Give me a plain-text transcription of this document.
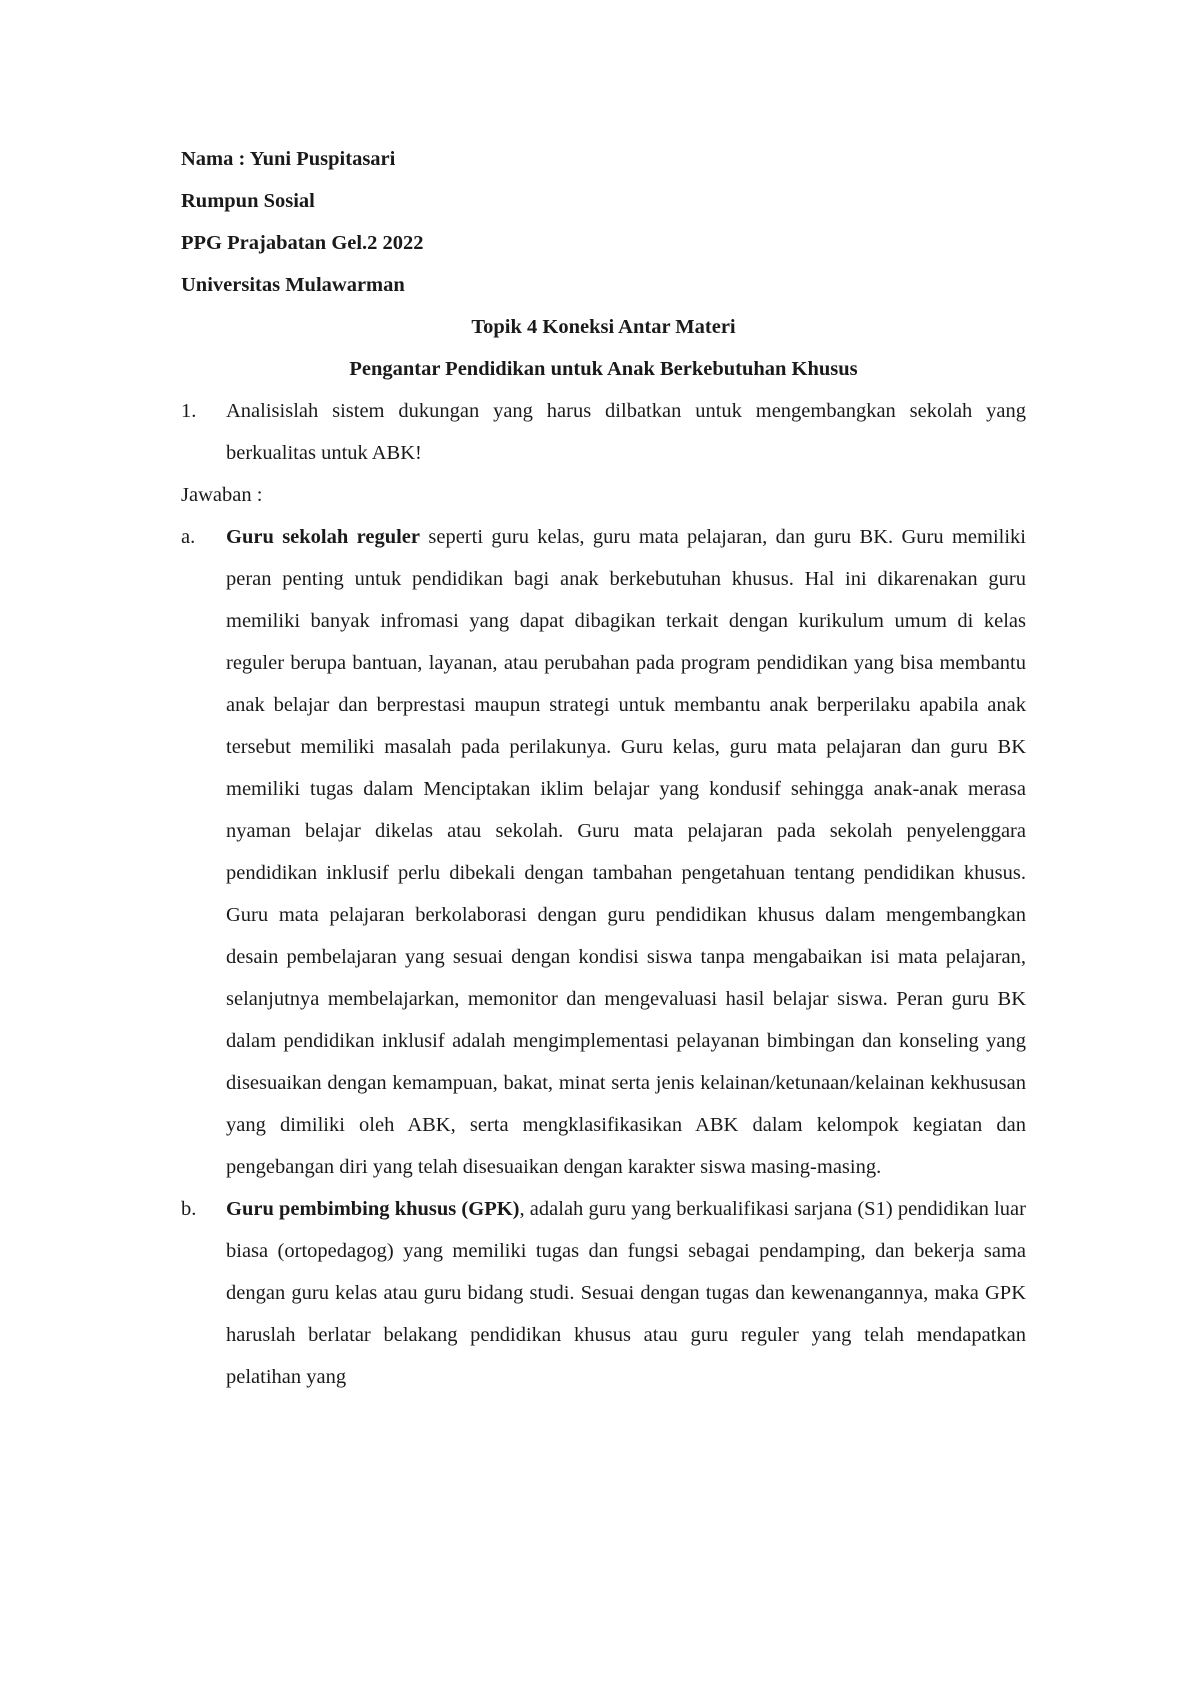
Nama : Yuni Puspitasari

Rumpun Sosial

PPG Prajabatan Gel.2 2022

Universitas Mulawarman

Topik 4 Koneksi Antar Materi

Pengantar Pendidikan untuk Anak Berkebutuhan Khusus

1. Analisislah sistem dukungan yang harus dilbatkan untuk mengembangkan sekolah yang berkualitas untuk ABK!

Jawaban :

a. Guru sekolah reguler seperti guru kelas, guru mata pelajaran, dan guru BK. Guru memiliki peran penting untuk pendidikan bagi anak berkebutuhan khusus. Hal ini dikarenakan guru memiliki banyak infromasi yang dapat dibagikan terkait dengan kurikulum umum di kelas reguler berupa bantuan, layanan, atau perubahan pada program pendidikan yang bisa membantu anak belajar dan berprestasi maupun strategi untuk membantu anak berperilaku apabila anak tersebut memiliki masalah pada perilakunya. Guru kelas, guru mata pelajaran dan guru BK memiliki tugas dalam Menciptakan iklim belajar yang kondusif sehingga anak-anak merasa nyaman belajar dikelas atau sekolah. Guru mata pelajaran pada sekolah penyelenggara pendidikan inklusif perlu dibekali dengan tambahan pengetahuan tentang pendidikan khusus. Guru mata pelajaran berkolaborasi dengan guru pendidikan khusus dalam mengembangkan desain pembelajaran yang sesuai dengan kondisi siswa tanpa mengabaikan isi mata pelajaran, selanjutnya membelajarkan, memonitor dan mengevaluasi hasil belajar siswa. Peran guru BK dalam pendidikan inklusif adalah mengimplementasi pelayanan bimbingan dan konseling yang disesuaikan dengan kemampuan, bakat, minat serta jenis kelainan/ketunaan/kelainan kekhususan yang dimiliki oleh ABK, serta mengklasifikasikan ABK dalam kelompok kegiatan dan pengebangan diri yang telah disesuaikan dengan karakter siswa masing-masing.
b. Guru pembimbing khusus (GPK), adalah guru yang berkualifikasi sarjana (S1) pendidikan luar biasa (ortopedagog) yang memiliki tugas dan fungsi sebagai pendamping, dan bekerja sama dengan guru kelas atau guru bidang studi. Sesuai dengan tugas dan kewenangannya, maka GPK haruslah berlatar belakang pendidikan khusus atau guru reguler yang telah mendapatkan pelatihan yang
